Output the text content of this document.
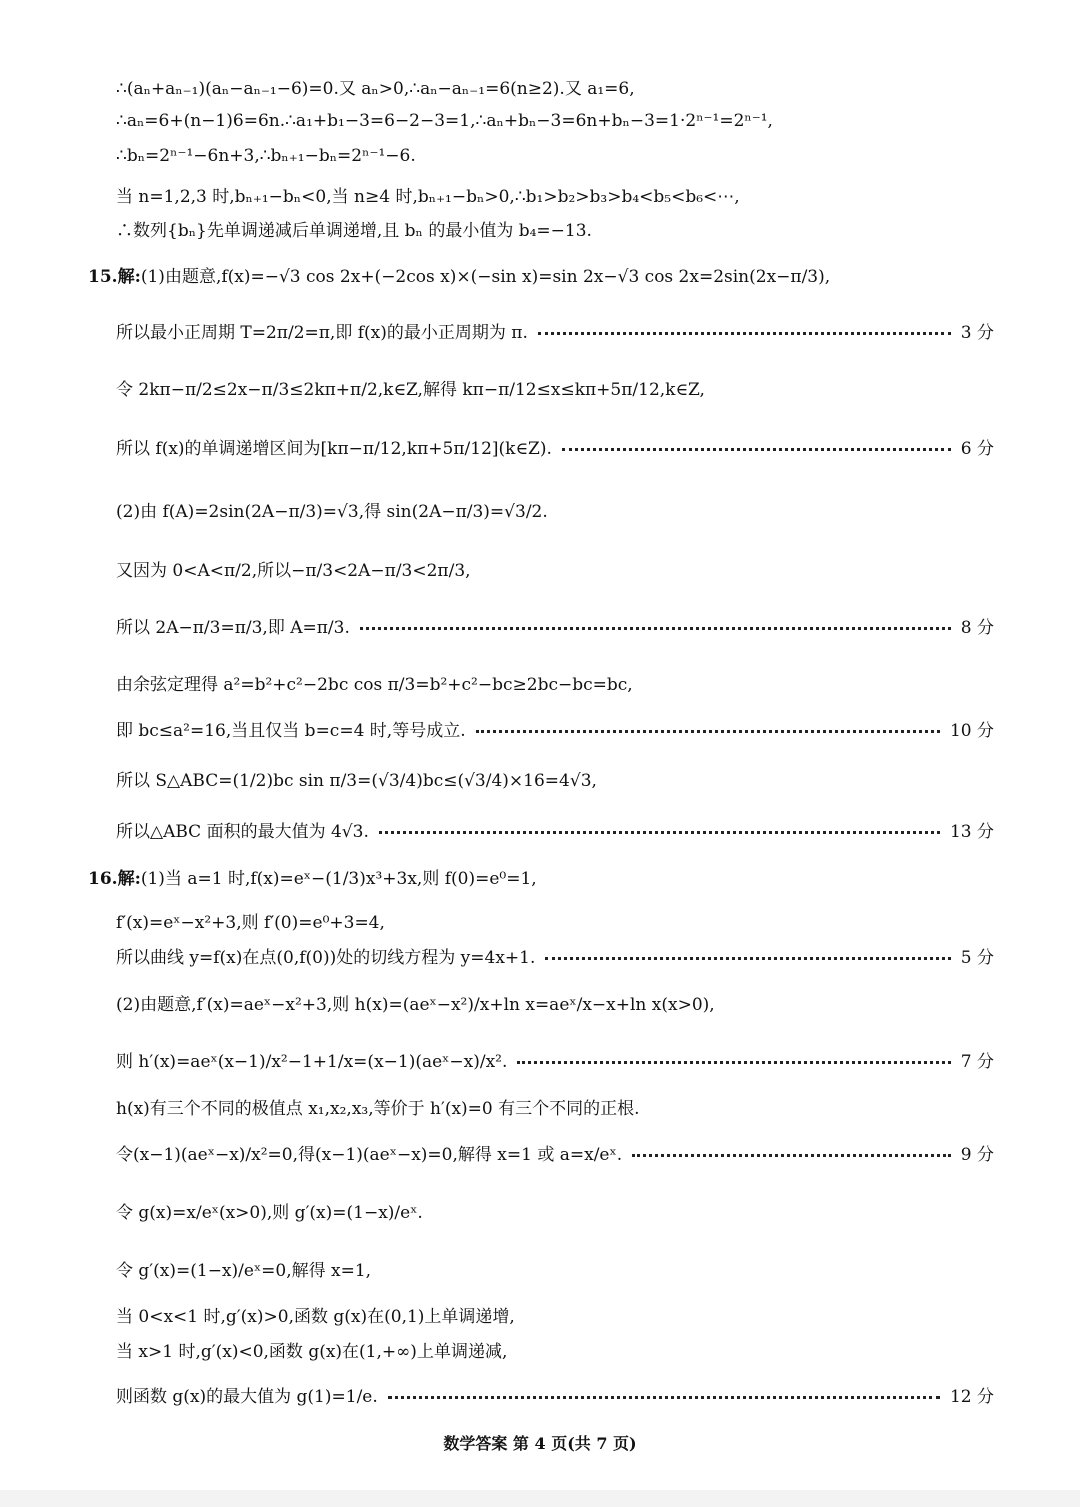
∴(aₙ+aₙ₋₁)(aₙ−aₙ₋₁−6)=0.又 aₙ>0,∴aₙ−aₙ₋₁=6(n≥2).又 a₁=6,
∴aₙ=6+(n−1)6=6n.∴a₁+b₁−3=6−2−3=1,∴aₙ+bₙ−3=6n+bₙ−3=1·2ⁿ⁻¹=2ⁿ⁻¹,
∴bₙ=2ⁿ⁻¹−6n+3,∴bₙ₊₁−bₙ=2ⁿ⁻¹−6.
当 n=1,2,3 时,bₙ₊₁−bₙ<0,当 n≥4 时,bₙ₊₁−bₙ>0,∴b₁>b₂>b₃>b₄<b₅<b₆<⋯,
∴数列{bₙ}先单调递减后单调递增,且 bₙ 的最小值为 b₄=−13.
15.解: (1)由题意,f(x)=−√3 cos 2x+(−2cos x)×(−sin x)=sin 2x−√3 cos 2x=2sin(2x−π/3),
所以最小正周期 T=2π/2=π,即 f(x)的最小正周期为 π.	3 分
令 2kπ−π/2≤2x−π/3≤2kπ+π/2,k∈Z,解得 kπ−π/12≤x≤kπ+5π/12,k∈Z,
所以 f(x)的单调递增区间为[kπ−π/12,kπ+5π/12](k∈Z).	6 分
(2)由 f(A)=2sin(2A−π/3)=√3,得 sin(2A−π/3)=√3/2.
又因为 0<A<π/2,所以−π/3<2A−π/3<2π/3,
所以 2A−π/3=π/3,即 A=π/3.	8 分
由余弦定理得 a²=b²+c²−2bc cos π/3=b²+c²−bc≥2bc−bc=bc,
即 bc≤a²=16,当且仅当 b=c=4 时,等号成立.	10 分
所以 S△ABC=(1/2)bc sin π/3=(√3/4)bc≤(√3/4)×16=4√3,
所以△ABC 面积的最大值为 4√3.	13 分
16.解: (1)当 a=1 时,f(x)=eˣ−(1/3)x³+3x,则 f(0)=e⁰=1,
f′(x)=eˣ−x²+3,则 f′(0)=e⁰+3=4,
所以曲线 y=f(x)在点(0,f(0))处的切线方程为 y=4x+1.	5 分
(2)由题意,f′(x)=aeˣ−x²+3,则 h(x)=(aeˣ−x²)/x+ln x=aeˣ/x−x+ln x(x>0),
则 h′(x)=aeˣ(x−1)/x²−1+1/x=(x−1)(aeˣ−x)/x².	7 分
h(x)有三个不同的极值点 x₁,x₂,x₃,等价于 h′(x)=0 有三个不同的正根.
令(x−1)(aeˣ−x)/x²=0,得(x−1)(aeˣ−x)=0,解得 x=1 或 a=x/eˣ.	9 分
令 g(x)=x/eˣ(x>0),则 g′(x)=(1−x)/eˣ.
令 g′(x)=(1−x)/eˣ=0,解得 x=1,
当 0<x<1 时,g′(x)>0,函数 g(x)在(0,1)上单调递增,
当 x>1 时,g′(x)<0,函数 g(x)在(1,+∞)上单调递减,
则函数 g(x)的最大值为 g(1)=1/e.	12 分
数学答案 第 4 页(共 7 页)
